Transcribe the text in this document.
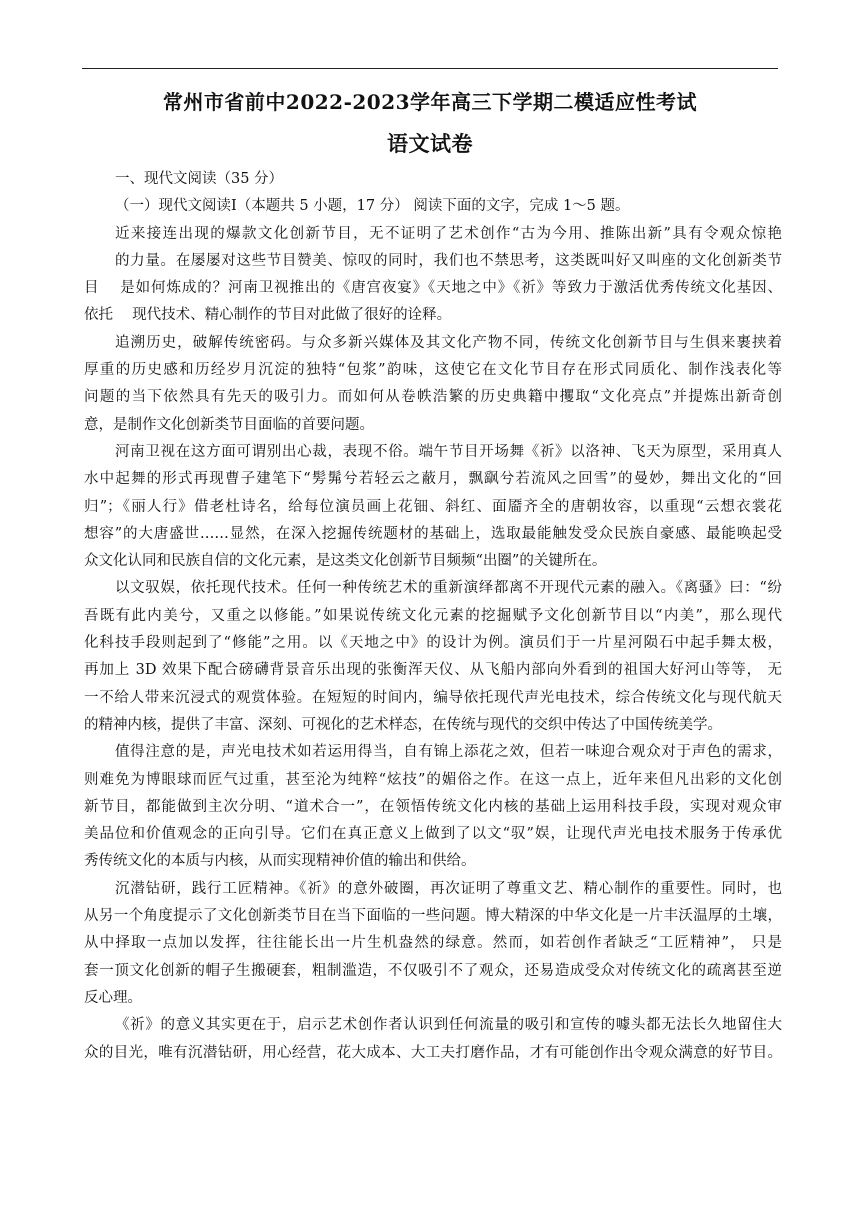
常州市省前中2022-2023学年高三下学期二模适应性考试
语文试卷
一、现代文阅读（35 分）
（一）现代文阅读Ⅰ（本题共 5 小题，17 分） 阅读下面的文字，完成 1～5 题。
近来接连出现的爆款文化创新节目，无不证明了艺术创作“古为今用、推陈出新”具有令观众惊艳
的力量。在屡屡对这些节目赞美、惊叹的同时，我们也不禁思考，这类既叫好又叫座的文化创新类节
目　 是如何炼成的？河南卫视推出的《唐宫夜宴》《天地之中》《祈》等致力于激活优秀传统文化基因、
依托　 现代技术、精心制作的节目对此做了很好的诠释。
追溯历史，破解传统密码。与众多新兴媒体及其文化产物不同，传统文化创新节目与生俱来裹挟着
厚重的历史感和历经岁月沉淀的独特“包浆”韵味，这使它在文化节目存在形式同质化、制作浅表化等
问题的当下依然具有先天的吸引力。而如何从卷帙浩繁的历史典籍中攫取“文化亮点”并提炼出新奇创
意，是制作文化创新类节目面临的首要问题。
河南卫视在这方面可谓别出心裁，表现不俗。端午节目开场舞《祈》以洛神、飞天为原型，采用真人
水中起舞的形式再现曹子建笔下“髣髴兮若轻云之蔽月，飘飖兮若流风之回雪”的曼妙，舞出文化的“回
归”；《丽人行》借老杜诗名，给每位演员画上花钿、斜红、面靥齐全的唐朝妆容，以重现“云想衣裳花
想容”的大唐盛世……显然，在深入挖掘传统题材的基础上，选取最能触发受众民族自豪感、最能唤起受
众文化认同和民族自信的文化元素，是这类文化创新节目频频“出圈”的关键所在。
以文驭娱，依托现代技术。任何一种传统艺术的重新演绎都离不开现代元素的融入。《离骚》曰：“纷
吾既有此内美兮，又重之以修能。”如果说传统文化元素的挖掘赋予文化创新节目以“内美”，那么现代
化科技手段则起到了“修能”之用。以《天地之中》的设计为例。演员们于一片星河陨石中起手舞太极，
再加上 3D 效果下配合磅礴背景音乐出现的张衡浑天仪、从飞船内部向外看到的祖国大好河山等等， 无
一不给人带来沉浸式的观赏体验。在短短的时间内，编导依托现代声光电技术，综合传统文化与现代航天
的精神内核，提供了丰富、深刻、可视化的艺术样态，在传统与现代的交织中传达了中国传统美学。
值得注意的是，声光电技术如若运用得当，自有锦上添花之效，但若一味迎合观众对于声色的需求，
则难免为博眼球而匠气过重，甚至沦为纯粹“炫技”的媚俗之作。在这一点上，近年来但凡出彩的文化创
新节目，都能做到主次分明、“道术合一”，在领悟传统文化内核的基础上运用科技手段，实现对观众审
美品位和价值观念的正向引导。它们在真正意义上做到了以文“驭”娱，让现代声光电技术服务于传承优
秀传统文化的本质与内核，从而实现精神价值的输出和供给。
沉潜钻研，践行工匠精神。《祈》的意外破圈，再次证明了尊重文艺、精心制作的重要性。同时，也
从另一个角度提示了文化创新类节目在当下面临的一些问题。博大精深的中华文化是一片丰沃温厚的土壤，
从中择取一点加以发挥，往往能长出一片生机盎然的绿意。然而，如若创作者缺乏“工匠精神”， 只是
套一顶文化创新的帽子生搬硬套，粗制滥造，不仅吸引不了观众，还易造成受众对传统文化的疏离甚至逆
反心理。
《祈》的意义其实更在于，启示艺术创作者认识到任何流量的吸引和宣传的噱头都无法长久地留住大
众的目光，唯有沉潜钻研，用心经营，花大成本、大工夫打磨作品，才有可能创作出令观众满意的好节目。
